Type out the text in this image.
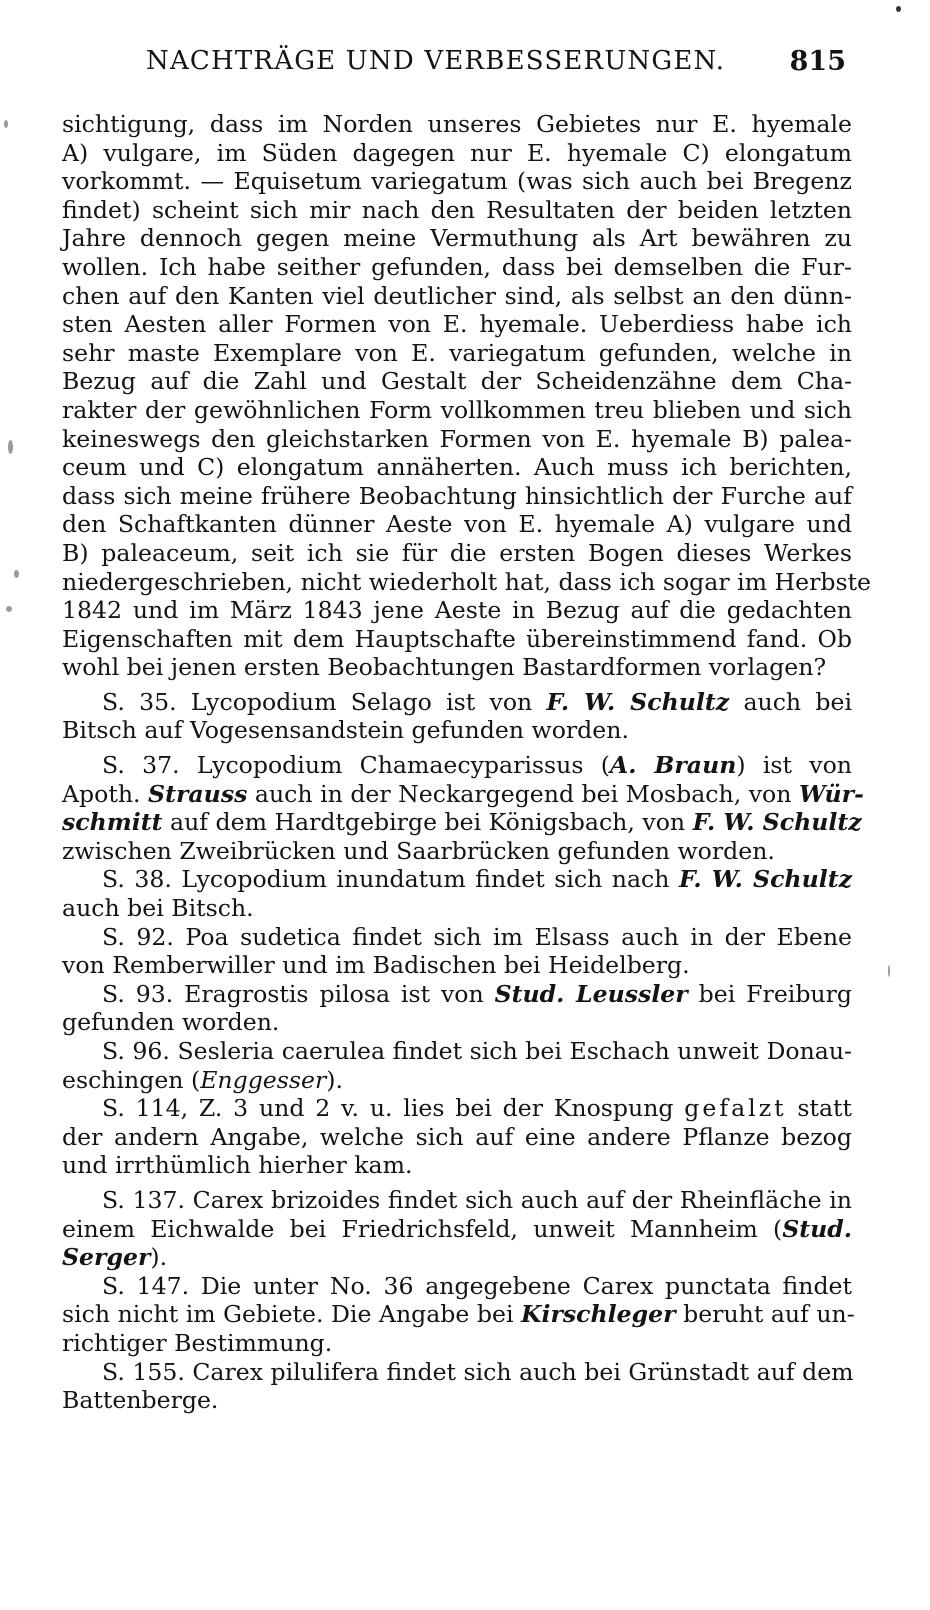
NACHTRÄGE UND VERBESSERUNGEN. 815
sichtigung, dass im Norden unseres Gebietes nur E. hyemale
A) vulgare, im Süden dagegen nur E. hyemale C) elongatum
vorkommt. — Equisetum variegatum (was sich auch bei Bregenz
findet) scheint sich mir nach den Resultaten der beiden letzten
Jahre dennoch gegen meine Vermuthung als Art bewähren zu
wollen. Ich habe seither gefunden, dass bei demselben die Fur-
chen auf den Kanten viel deutlicher sind, als selbst an den dünn-
sten Aesten aller Formen von E. hyemale. Ueberdiess habe ich
sehr maste Exemplare von E. variegatum gefunden, welche in
Bezug auf die Zahl und Gestalt der Scheidenzähne dem Cha-
rakter der gewöhnlichen Form vollkommen treu blieben und sich
keineswegs den gleichstarken Formen von E. hyemale B) palea-
ceum und C) elongatum annäherten. Auch muss ich berichten,
dass sich meine frühere Beobachtung hinsichtlich der Furche auf
den Schaftkanten dünner Aeste von E. hyemale A) vulgare und
B) paleaceum, seit ich sie für die ersten Bogen dieses Werkes
niedergeschrieben, nicht wiederholt hat, dass ich sogar im Herbste
1842 und im März 1843 jene Aeste in Bezug auf die gedachten
Eigenschaften mit dem Hauptschafte übereinstimmend fand. Ob
wohl bei jenen ersten Beobachtungen Bastardformen vorlagen?
S. 35. Lycopodium Selago ist von F. W. Schultz auch bei
Bitsch auf Vogesensandstein gefunden worden.
S. 37. Lycopodium Chamaecyparissus (A. Braun) ist von
Apoth. Strauss auch in der Neckargegend bei Mosbach, von Wür-
schmitt auf dem Hardtgebirge bei Königsbach, von F. W. Schultz
zwischen Zweibrücken und Saarbrücken gefunden worden.
S. 38. Lycopodium inundatum findet sich nach F. W. Schultz
auch bei Bitsch.
S. 92. Poa sudetica findet sich im Elsass auch in der Ebene
von Remberwiller und im Badischen bei Heidelberg.
S. 93. Eragrostis pilosa ist von Stud. Leussler bei Freiburg
gefunden worden.
S. 96. Sesleria caerulea findet sich bei Eschach unweit Donau-
eschingen (Enggesser).
S. 114, Z. 3 und 2 v. u. lies bei der Knospung gefalzt statt
der andern Angabe, welche sich auf eine andere Pflanze bezog
und irrthümlich hierher kam.
S. 137. Carex brizoides findet sich auch auf der Rheinfläche in
einem Eichwalde bei Friedrichsfeld, unweit Mannheim (Stud.
Serger).
S. 147. Die unter No. 36 angegebene Carex punctata findet
sich nicht im Gebiete. Die Angabe bei Kirschleger beruht auf un-
richtiger Bestimmung.
S. 155. Carex pilulifera findet sich auch bei Grünstadt auf dem
Battenberge.
